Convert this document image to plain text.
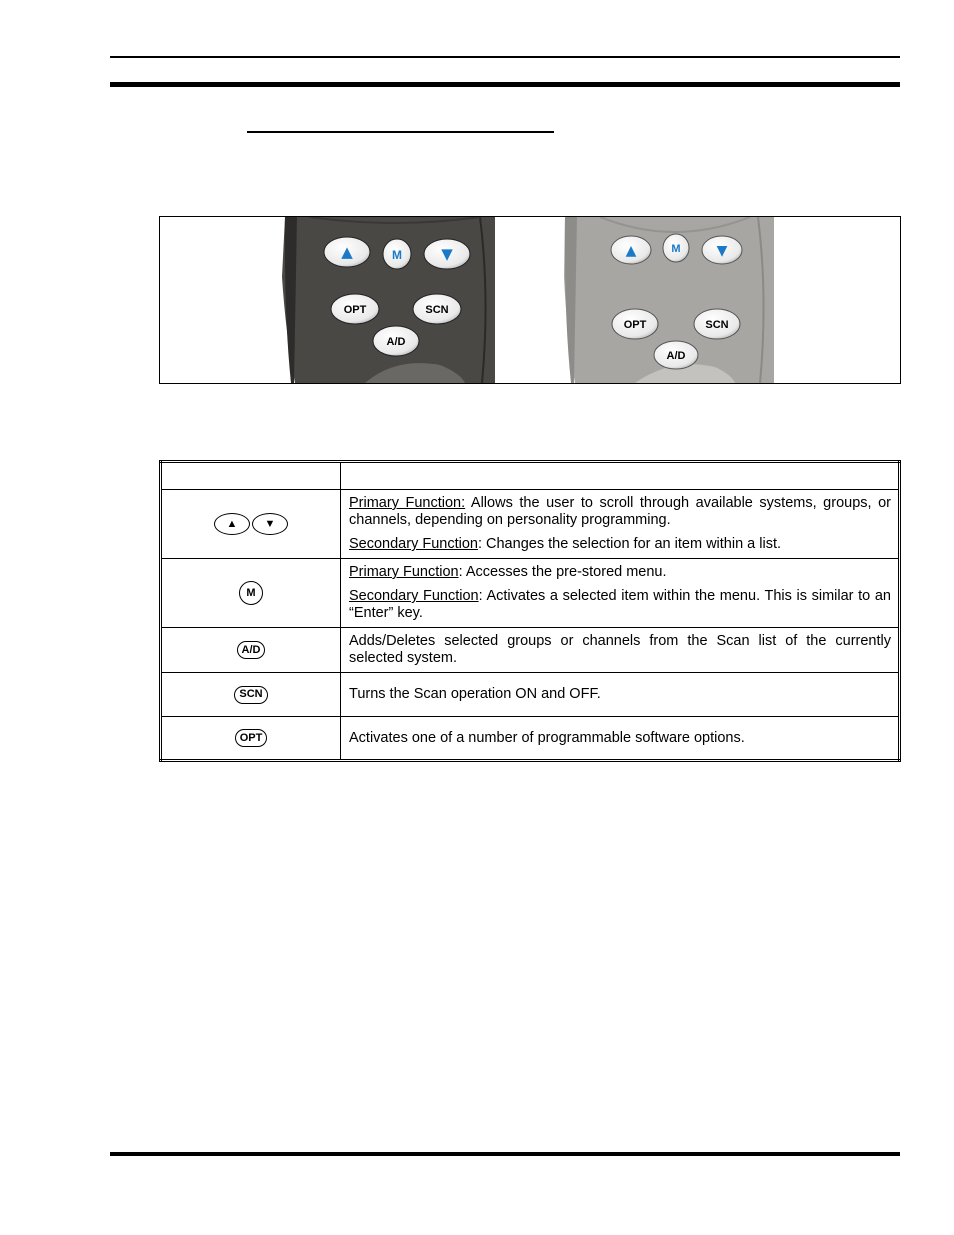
▲	M	▼
OPT	SCN
A/D
▲	M	▼
OPT	SCN
A/D

▲ ▼	Primary Function: Allows the user to scroll through available systems, groups, or channels, depending on personality programming.

Secondary Function: Changes the selection for an item within a list.

M	Primary Function: Accesses the pre-stored menu.

Secondary Function: Activates a selected item within the menu. This is similar to an “Enter” key.

A/D	Adds/Deletes selected groups or channels from the Scan list of the currently selected system.

SCN	Turns the Scan operation ON and OFF.

OPT	Activates one of a number of programmable software options.
